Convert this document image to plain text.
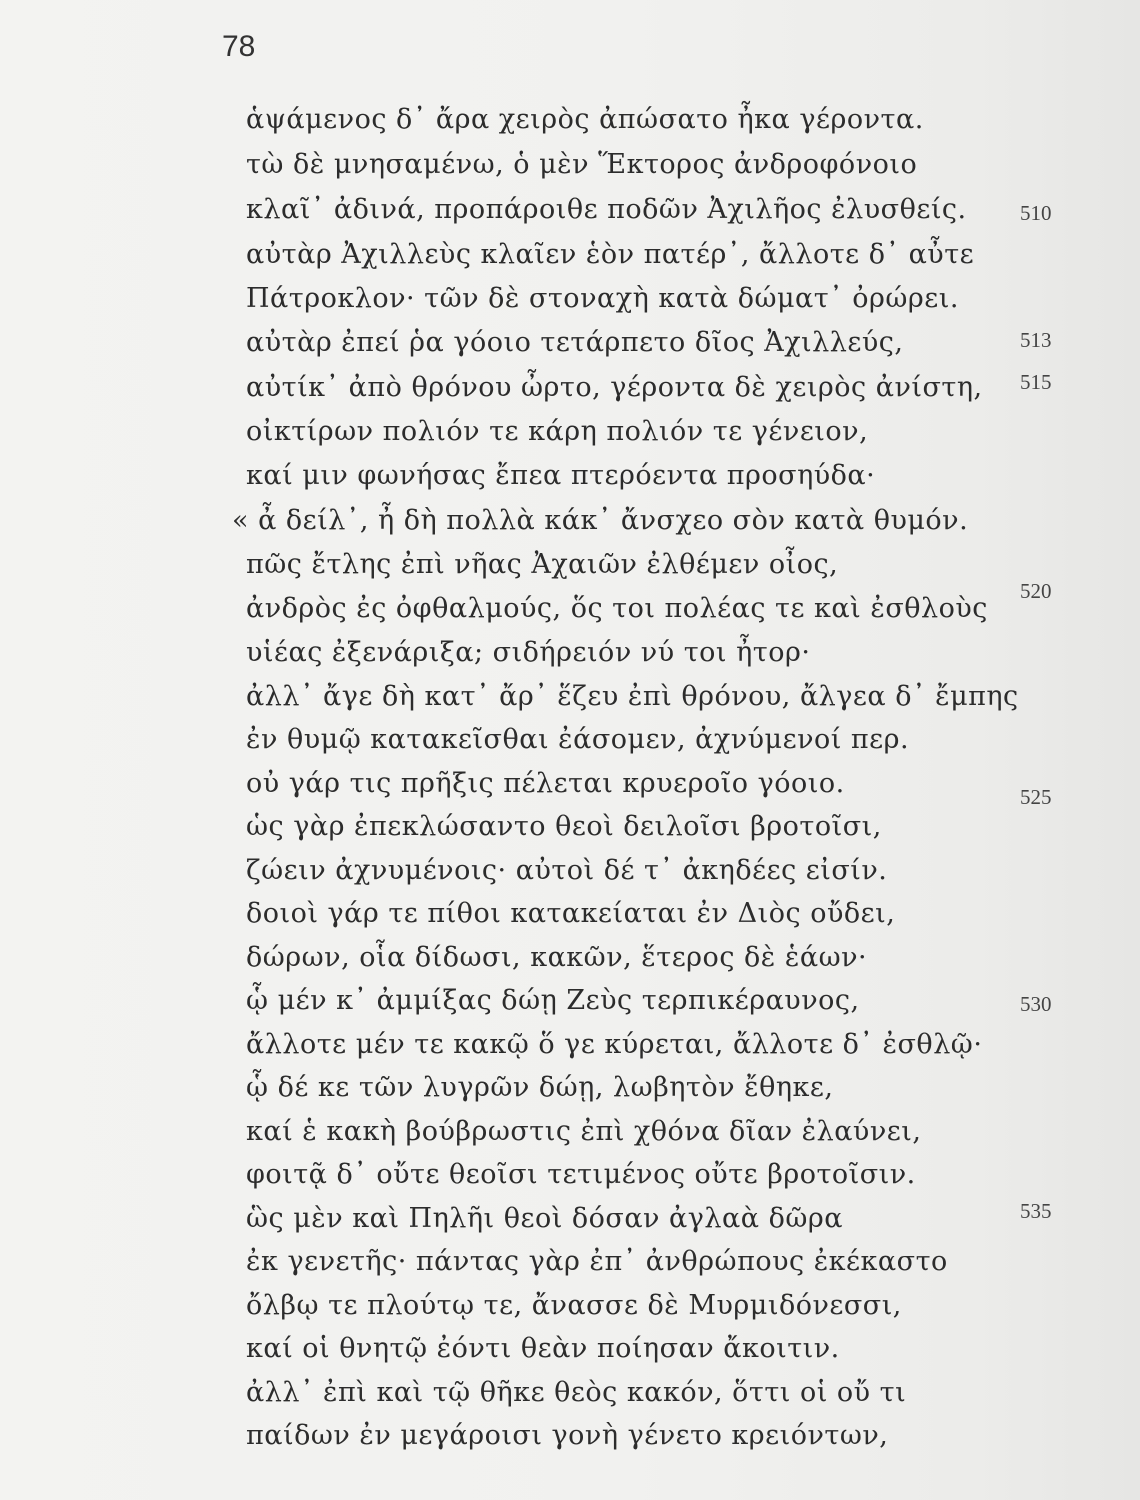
78
ἁψάμενος δ᾽ ἄρα χειρὸς ἀπώσατο ἦκα γέροντα.
τὼ δὲ μνησαμένω, ὁ μὲν Ἕκτορος ἀνδροφόνοιο
κλαῖ᾽ ἀδινά, προπάροιθε ποδῶν Ἀχιλῆος ἐλυσθείς.	510
αὐτὰρ Ἀχιλλεὺς κλαῖεν ἑὸν πατέρ᾽, ἄλλοτε δ᾽ αὖτε
Πάτροκλον· τῶν δὲ στοναχὴ κατὰ δώματ᾽ ὀρώρει.
αὐτὰρ ἐπεί ῥα γόοιο τετάρπετο δῖος Ἀχιλλεύς,	513
αὐτίκ᾽ ἀπὸ θρόνου ὦρτο, γέροντα δὲ χειρὸς ἀνίστη, 515
οἰκτίρων πολιόν τε κάρη πολιόν τε γένειον,
καί μιν φωνήσας ἔπεα πτερόεντα προσηύδα·
« ἆ δείλ᾽, ἦ δὴ πολλὰ κάκ᾽ ἄνσχεο σὸν κατὰ θυμόν.
πῶς ἔτλης ἐπὶ νῆας Ἀχαιῶν ἐλθέμεν οἶος,
ἀνδρὸς ἐς ὀφθαλμούς, ὅς τοι πολέας τε καὶ ἐσθλοὺς
520
υἱέας ἐξενάριξα; σιδήρειόν νύ τοι ἦτορ·
ἀλλ᾽ ἄγε δὴ κατ᾽ ἄρ᾽ ἕζευ ἐπὶ θρόνου, ἄλγεα δ᾽ ἔμπης
ἐν θυμῷ κατακεῖσθαι ἐάσομεν, ἀχνύμενοί περ.
οὐ γάρ τις πρῆξις πέλεται κρυεροῖο γόοιο.
ὡς γὰρ ἐπεκλώσαντο θεοὶ δειλοῖσι βροτοῖσι,
525
ζώειν ἀχνυμένοις· αὐτοὶ δέ τ᾽ ἀκηδέες εἰσίν.
δοιοὶ γάρ τε πίθοι κατακείαται ἐν Διὸς οὔδει,
δώρων, οἷα δίδωσι, κακῶν, ἕτερος δὲ ἑάων·
ᾧ μέν κ᾽ ἀμμίξας δώῃ Ζεὺς τερπικέραυνος,
ἄλλοτε μέν τε κακῷ ὅ γε κύρεται, ἄλλοτε δ᾽ ἐσθλῷ·
530
ᾧ δέ κε τῶν λυγρῶν δώῃ, λωβητὸν ἔθηκε,
καί ἑ κακὴ βούβρωστις ἐπὶ χθόνα δῖαν ἐλαύνει,
φοιτᾷ δ᾽ οὔτε θεοῖσι τετιμένος οὔτε βροτοῖσιν.
ὣς μὲν καὶ Πηλῆι θεοὶ δόσαν ἀγλαὰ δῶρα
ἐκ γενετῆς· πάντας γὰρ ἐπ᾽ ἀνθρώπους ἐκέκαστο
535
ὄλβῳ τε πλούτῳ τε, ἄνασσε δὲ Μυρμιδόνεσσι,
καί οἱ θνητῷ ἐόντι θεὰν ποίησαν ἄκοιτιν.
ἀλλ᾽ ἐπὶ καὶ τῷ θῆκε θεὸς κακόν, ὅττι οἱ οὔ τι
παίδων ἐν μεγάροισι γονὴ γένετο κρειόντων,
